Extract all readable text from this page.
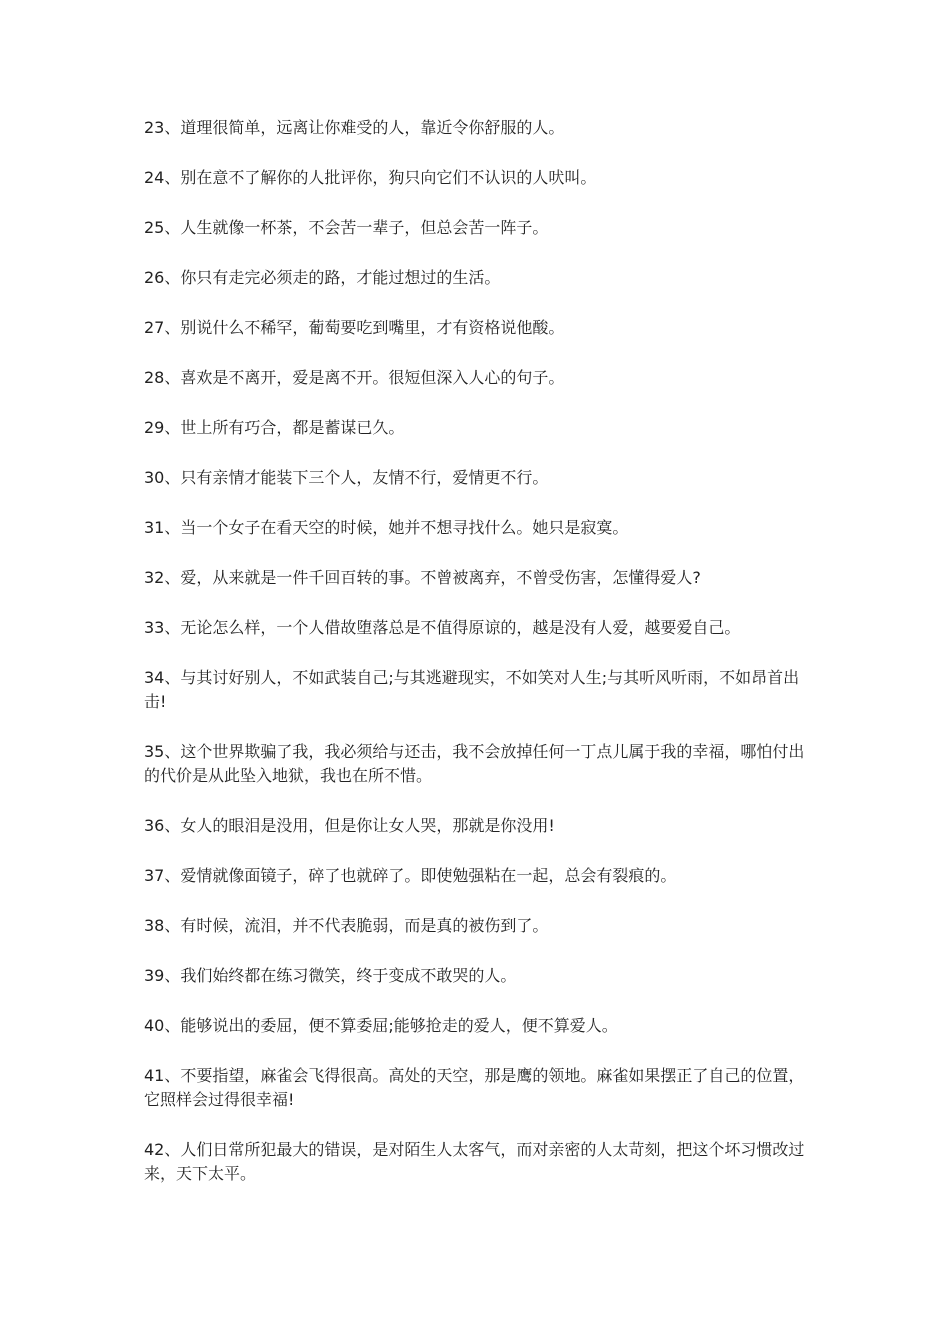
23、道理很简单，远离让你难受的人，靠近令你舒服的人。

24、别在意不了解你的人批评你，狗只向它们不认识的人吠叫。

25、人生就像一杯茶，不会苦一辈子，但总会苦一阵子。

26、你只有走完必须走的路，才能过想过的生活。

27、别说什么不稀罕，葡萄要吃到嘴里，才有资格说他酸。

28、喜欢是不离开，爱是离不开。很短但深入人心的句子。

29、世上所有巧合，都是蓄谋已久。

30、只有亲情才能装下三个人，友情不行，爱情更不行。

31、当一个女子在看天空的时候，她并不想寻找什么。她只是寂寞。

32、爱，从来就是一件千回百转的事。不曾被离弃，不曾受伤害，怎懂得爱人?

33、无论怎么样，一个人借故堕落总是不值得原谅的，越是没有人爱，越要爱自己。

34、与其讨好别人，不如武装自己;与其逃避现实，不如笑对人生;与其听风听雨，不如昂首出击!

35、这个世界欺骗了我，我必须给与还击，我不会放掉任何一丁点儿属于我的幸福，哪怕付出的代价是从此坠入地狱，我也在所不惜。

36、女人的眼泪是没用，但是你让女人哭，那就是你没用!

37、爱情就像面镜子，碎了也就碎了。即使勉强粘在一起，总会有裂痕的。

38、有时候，流泪，并不代表脆弱，而是真的被伤到了。

39、我们始终都在练习微笑，终于变成不敢哭的人。

40、能够说出的委屈，便不算委屈;能够抢走的爱人，便不算爱人。

41、不要指望，麻雀会飞得很高。高处的天空，那是鹰的领地。麻雀如果摆正了自己的位置，它照样会过得很幸福!

42、人们日常所犯最大的错误，是对陌生人太客气，而对亲密的人太苛刻，把这个坏习惯改过来，天下太平。
